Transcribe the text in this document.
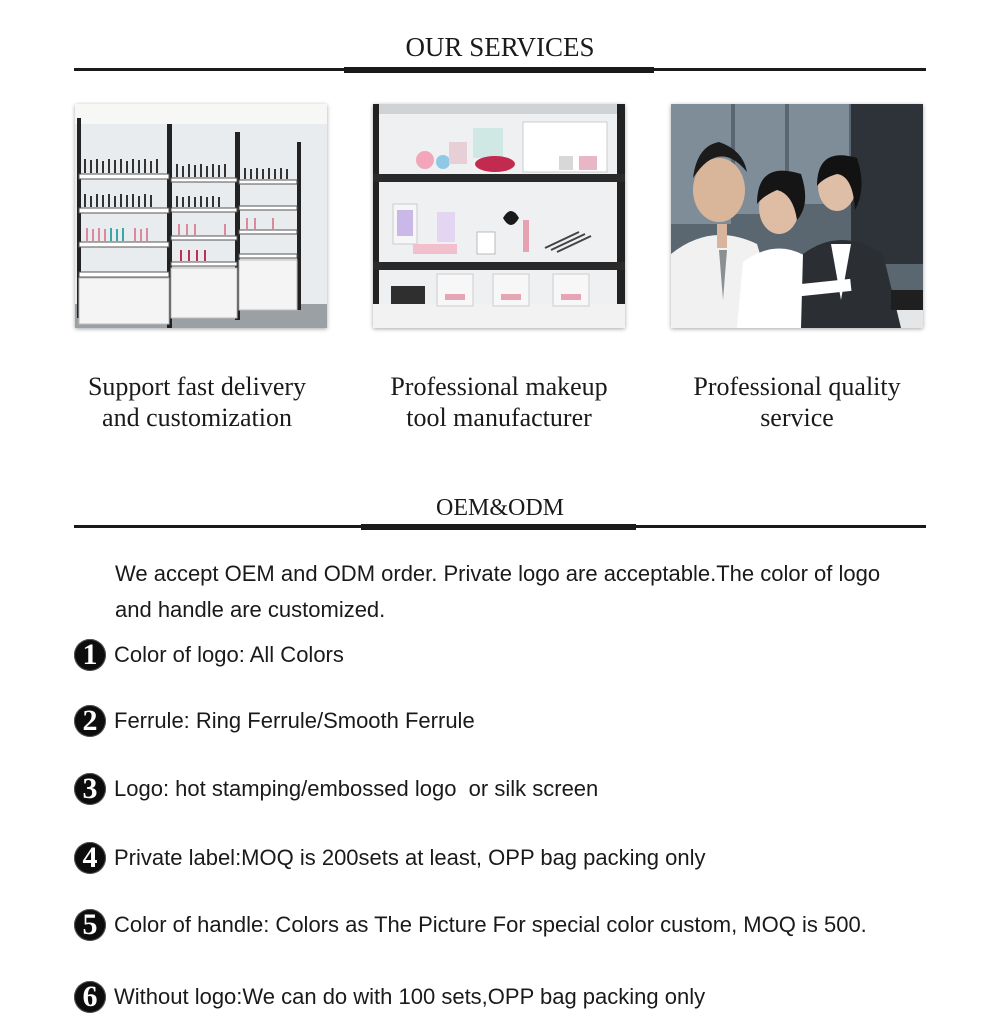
OUR SERVICES
Support fast delivery
and customization
Professional makeup
tool manufacturer
Professional quality
service
OEM&ODM
We accept OEM and ODM order. Private logo are acceptable.The color of logo and handle are customized.
1 Color of logo: All Colors
2 Ferrule: Ring Ferrule/Smooth Ferrule
3 Logo: hot stamping/embossed logo  or silk screen
4 Private label:MOQ is 200sets at least, OPP bag packing only
5 Color of handle: Colors as The Picture For special color custom, MOQ is 500.
6 Without logo:We can do with 100 sets,OPP bag packing only
